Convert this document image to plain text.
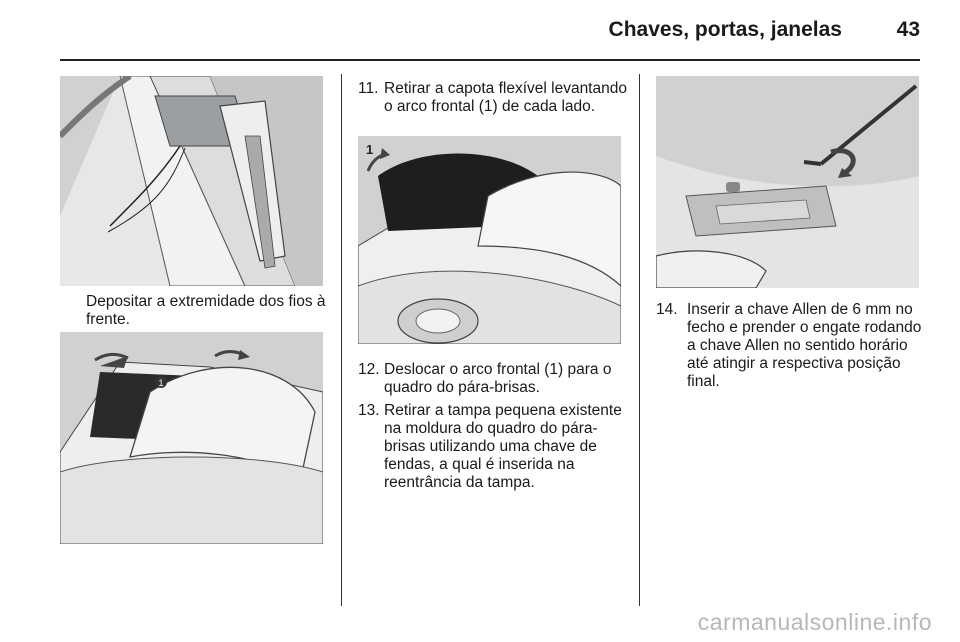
Chaves, portas, janelas	43
Depositar a extremidade dos fios à frente.
1
11. Retirar a capota flexível levantando o arco frontal (1) de cada lado.
1
12. Deslocar o arco frontal (1) para o quadro do pára-brisas.
13. Retirar a tampa pequena existente na moldura do quadro do pára-brisas utilizando uma chave de fendas, a qual é inserida na reentrância da tampa.
14. Inserir a chave Allen de 6 mm no fecho e prender o engate rodando a chave Allen no sentido horário até atingir a respectiva posição final.
carmanualsonline.info
